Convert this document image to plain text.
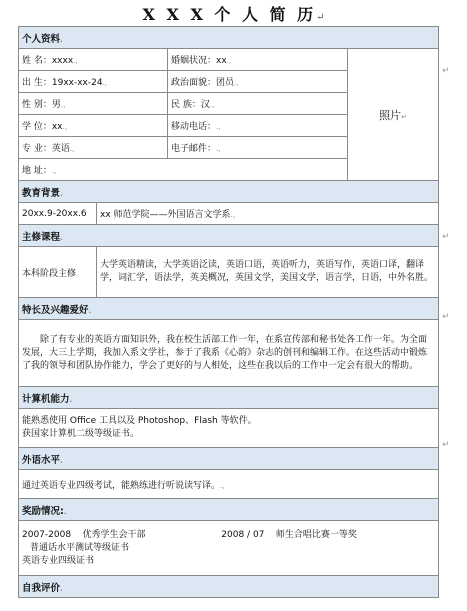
X X X 个 人 简 历↵
个人资料.			
姓 名：xxxx.,		婚姻状况：xx.,	照片↵
出 生：19xx-xx-24.,		政治面貌：团员.,	
性 别：男.,		民 族：汉.,	
学 位：xx.,		移动电话：.,	
专 业：英语.,		电子邮件：.,	
地 址：.,			
教育背景.			
20xx.9-20xx.6	xx 师范学院——外国语言文学系.,		
主修课程.			
本科阶段主修.	大学英语精读，大学英语泛读，英语口语，英语听力，英语写作，英语口译，翻译学，词汇学，语法学，英美概况，英国文学，美国文学，语言学，日语，中外名胜。		
特长及兴趣爱好.			
除了有专业的英语方面知识外，我在校生活部工作一年，在系宣传部和秘书处各工作一年。为全面发展，大三上学期，我加入系文学社，参于了我系《心韵》杂志的创刊和编辑工作。在这些活动中锻炼了我的领导和团队协作能力，学会了更好的与人相处，这些在我以后的工作中一定会有很大的帮助。			
计算机能力.			

能熟悉使用 Office 工具以及 Photoshop、Flash 等软件。
获国家计算机二级等级证书。			

外语水平.			
通过英语专业四级考试，能熟练进行听说读写译。.,			
奖励情况:.			

2007-2008 优秀学生会干部 2008 / 07 师生合唱比赛一等奖
普通话水平测试等级证书
英语专业四级证书			

自我评价.			
↵
↵
↵
↵
